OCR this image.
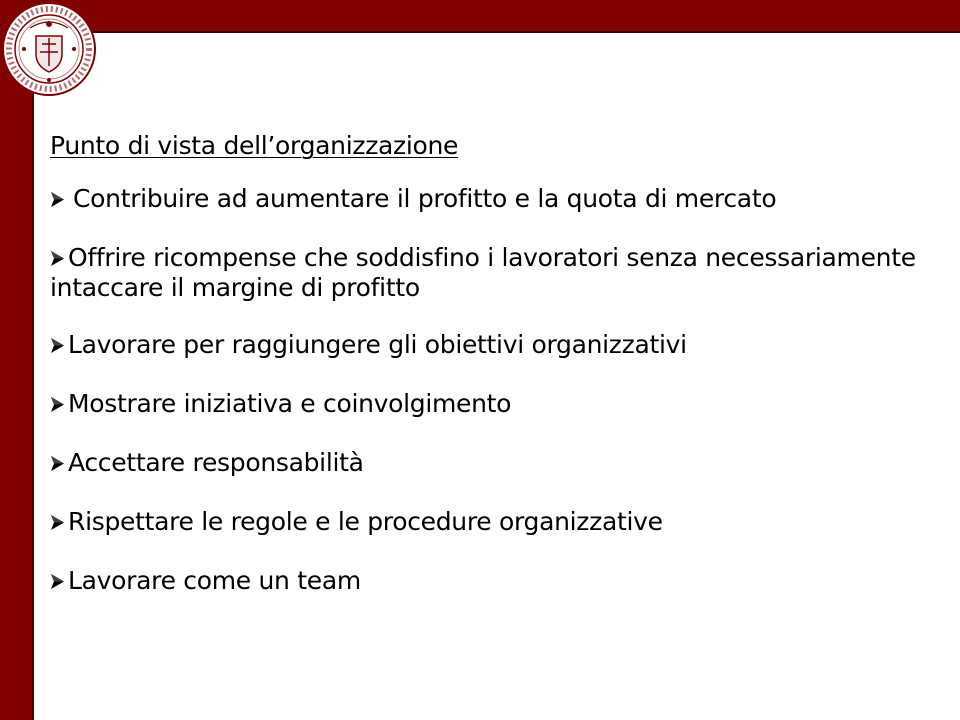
Punto di vista dell’organizzazione
Contribuire ad aumentare il profitto e la quota di mercato
Offrire ricompense che soddisfino i lavoratori senza necessariamente intaccare il margine di profitto
Lavorare per raggiungere gli obiettivi organizzativi
Mostrare iniziativa e coinvolgimento
Accettare responsabilità
Rispettare le regole e le procedure organizzative
Lavorare come un team
